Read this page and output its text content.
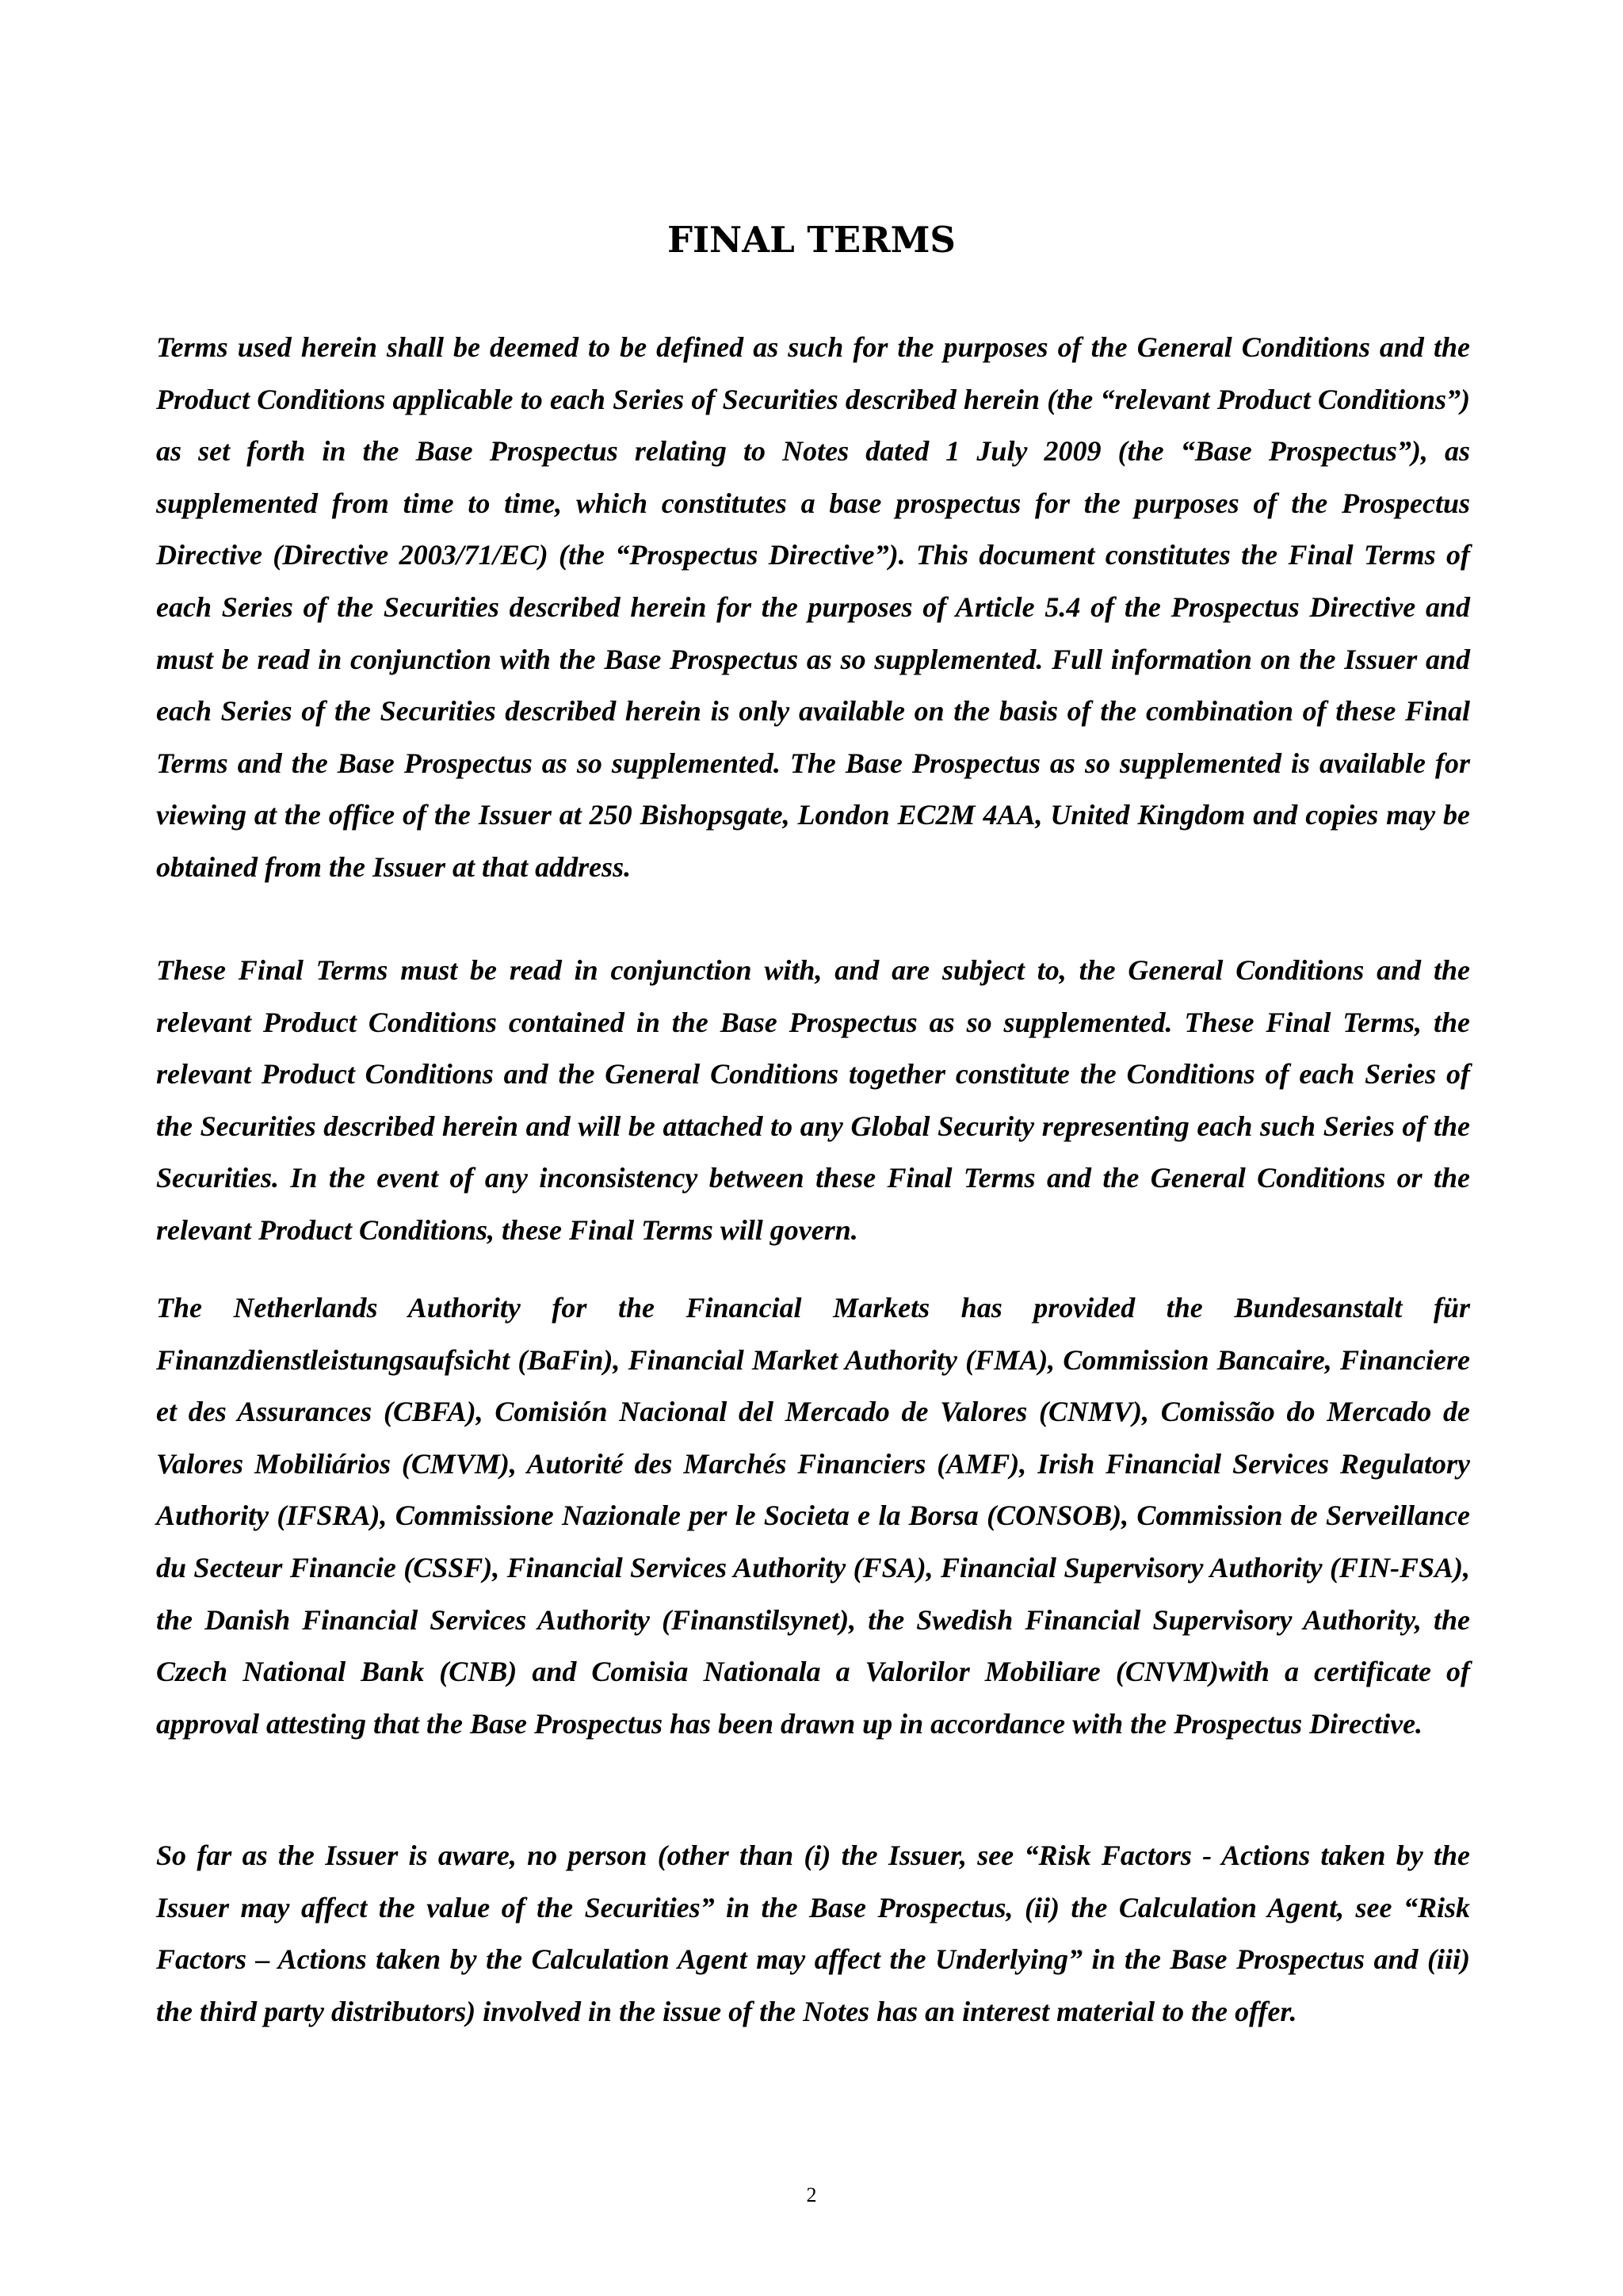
FINAL TERMS

Terms used herein shall be deemed to be defined as such for the purposes of the General Conditions and the Product Conditions applicable to each Series of Securities described herein (the “relevant Product Conditions”) as set forth in the Base Prospectus relating to Notes dated 1 July 2009 (the “Base Prospectus”), as supplemented from time to time, which constitutes a base prospectus for the purposes of the Prospectus Directive (Directive 2003/71/EC) (the “Prospectus Directive”). This document constitutes the Final Terms of each Series of the Securities described herein for the purposes of Article 5.4 of the Prospectus Directive and must be read in conjunction with the Base Prospectus as so supplemented. Full information on the Issuer and each Series of the Securities described herein is only available on the basis of the combination of these Final Terms and the Base Prospectus as so supplemented. The Base Prospectus as so supplemented is available for viewing at the office of the Issuer at 250 Bishopsgate, London EC2M 4AA, United Kingdom and copies may be obtained from the Issuer at that address.

These Final Terms must be read in conjunction with, and are subject to, the General Conditions and the relevant Product Conditions contained in the Base Prospectus as so supplemented. These Final Terms, the relevant Product Conditions and the General Conditions together constitute the Conditions of each Series of the Securities described herein and will be attached to any Global Security representing each such Series of the Securities. In the event of any inconsistency between these Final Terms and the General Conditions or the relevant Product Conditions, these Final Terms will govern.

The Netherlands Authority for the Financial Markets has provided the Bundesanstalt für Finanzdienstleistungsaufsicht (BaFin), Financial Market Authority (FMA), Commission Bancaire, Financiere et des Assurances (CBFA), Comisión Nacional del Mercado de Valores (CNMV), Comissão do Mercado de Valores Mobiliários (CMVM), Autorité des Marchés Financiers (AMF), Irish Financial Services Regulatory Authority (IFSRA), Commissione Nazionale per le Societa e la Borsa (CONSOB), Commission de Serveillance du Secteur Financie (CSSF), Financial Services Authority (FSA), Financial Supervisory Authority (FIN-FSA), the Danish Financial Services Authority (Finanstilsynet), the Swedish Financial Supervisory Authority, the Czech National Bank (CNB) and Comisia Nationala a Valorilor Mobiliare (CNVM)with a certificate of approval attesting that the Base Prospectus has been drawn up in accordance with the Prospectus Directive.

So far as the Issuer is aware, no person (other than (i) the Issuer, see “Risk Factors - Actions taken by the Issuer may affect the value of the Securities” in the Base Prospectus, (ii) the Calculation Agent, see “Risk Factors – Actions taken by the Calculation Agent may affect the Underlying” in the Base Prospectus and (iii) the third party distributors) involved in the issue of the Notes has an interest material to the offer.

2
